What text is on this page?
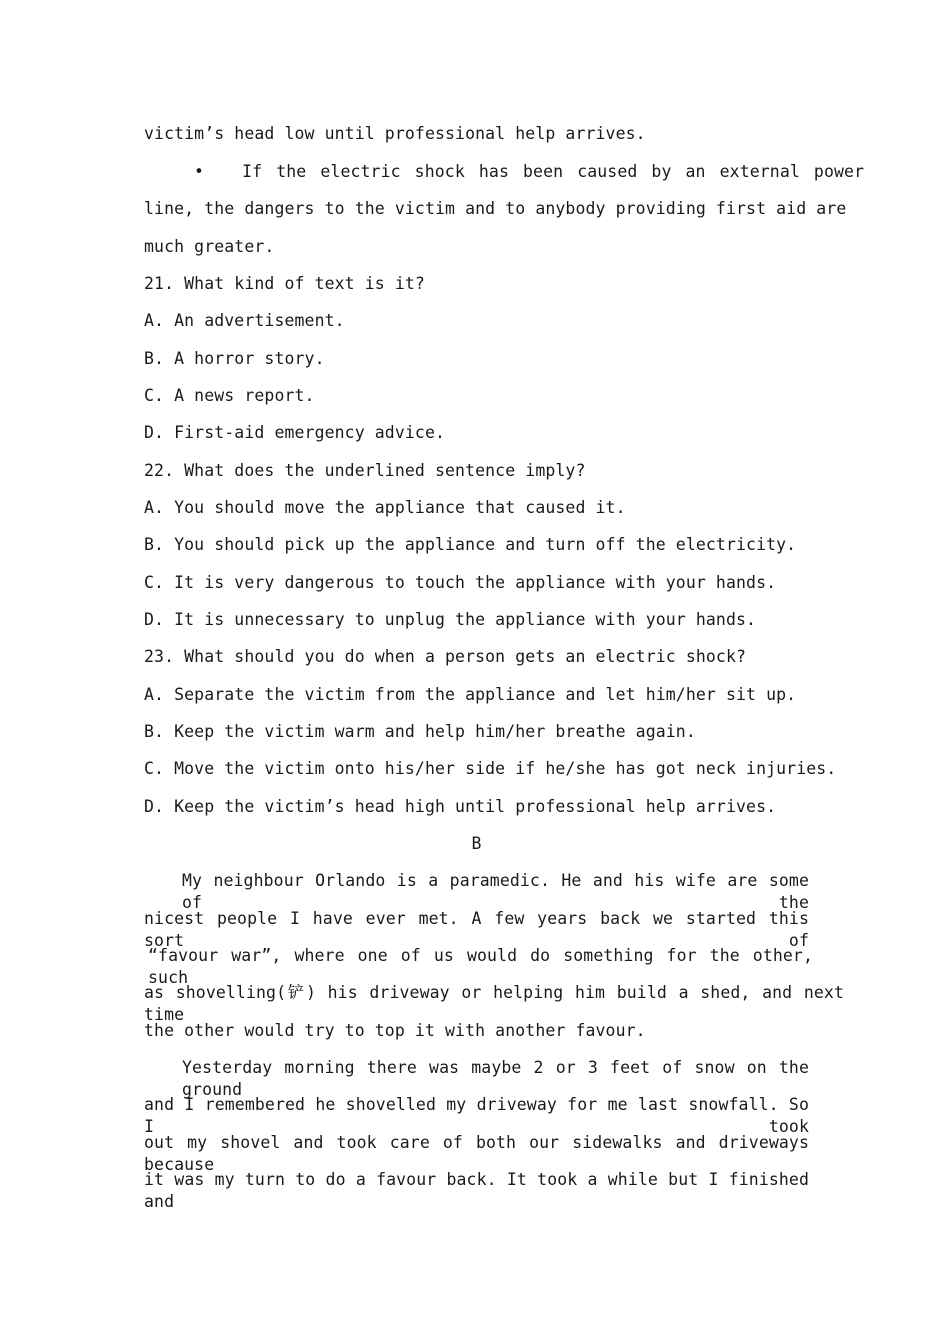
victim’s head low until professional help arrives.
• If the electric shock has been caused by an external power
line, the dangers to the victim and to anybody providing first aid are
much greater.
21. What kind of text is it?
A. An advertisement.
B. A horror story.
C. A news report.
D. First-aid emergency advice.
22. What does the underlined sentence imply?
A. You should move the appliance that caused it.
B. You should pick up the appliance and turn off the electricity.
C. It is very dangerous to touch the appliance with your hands.
D. It is unnecessary to unplug the appliance with your hands.
23. What should you do when a person gets an electric shock?
A. Separate the victim from the appliance and let him/her sit up.
B. Keep the victim warm and help him/her breathe again.
C. Move the victim onto his/her side if he/she has got neck injuries.
D. Keep the victim’s head high until professional help arrives.
B
My neighbour Orlando is a paramedic. He and his wife are some of the
nicest people I have ever met. A few years back we started this sort of
“favour war”, where one of us would do something for the other, such
as shovelling(铲) his driveway or helping him build a shed, and next time
the other would try to top it with another favour.
Yesterday morning there was maybe 2 or 3 feet of snow on the ground
and I remembered he shovelled my driveway for me last snowfall. So I took
out my shovel and took care of both our sidewalks and driveways because
it was my turn to do a favour back. It took a while but I finished and
